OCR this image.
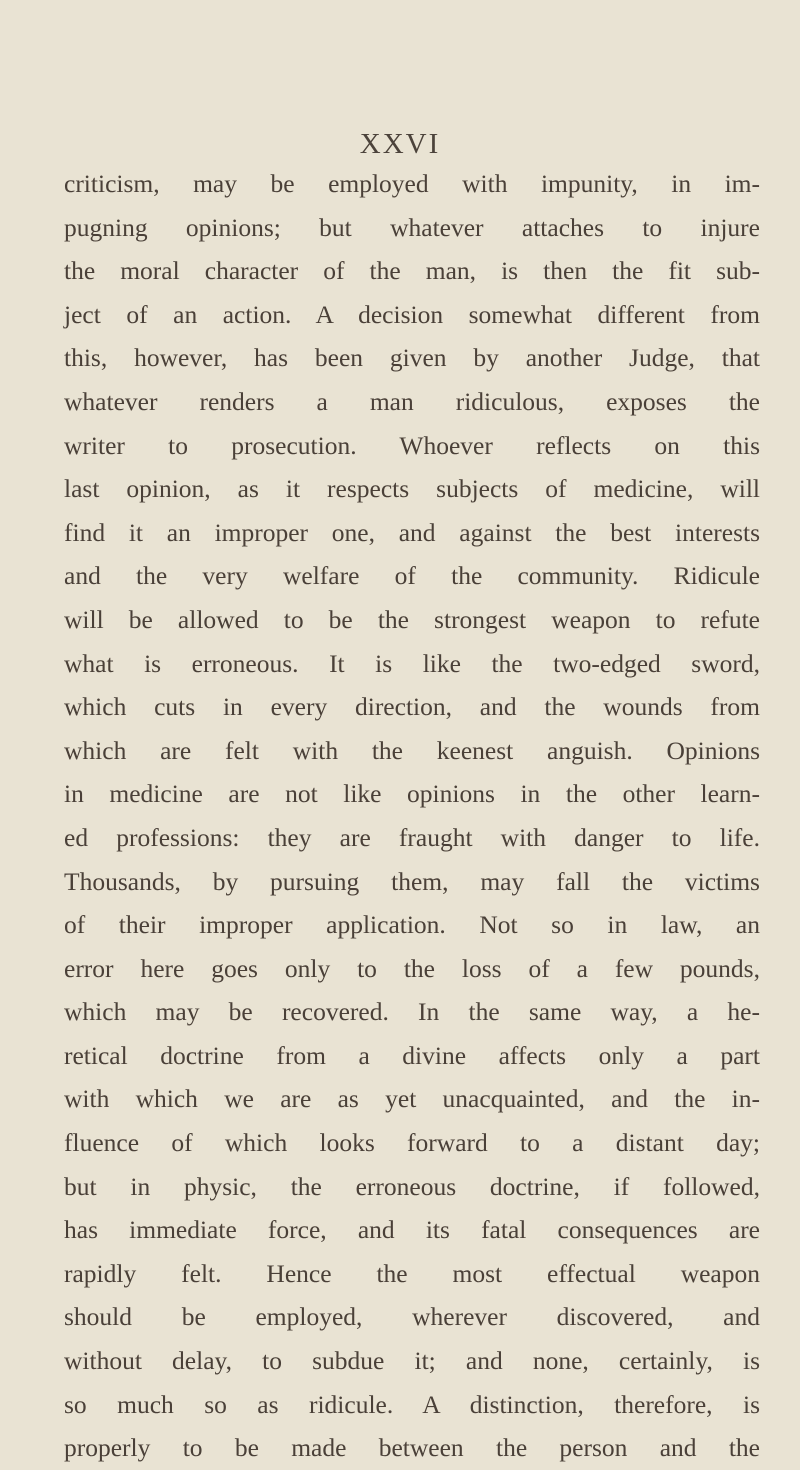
XXVI
criticism, may be employed with impunity, in im-
pugning opinions; but whatever attaches to injure
the moral character of the man, is then the fit sub-
ject of an action. A decision somewhat different from
this, however, has been given by another Judge, that
whatever renders a man ridiculous, exposes the
writer to prosecution. Whoever reflects on this
last opinion, as it respects subjects of medicine, will
find it an improper one, and against the best interests
and the very welfare of the community. Ridicule
will be allowed to be the strongest weapon to refute
what is erroneous. It is like the two-edged sword,
which cuts in every direction, and the wounds from
which are felt with the keenest anguish. Opinions
in medicine are not like opinions in the other learn-
ed professions: they are fraught with danger to life.
Thousands, by pursuing them, may fall the victims
of their improper application. Not so in law, an
error here goes only to the loss of a few pounds,
which may be recovered. In the same way, a he-
retical doctrine from a divine affects only a part
with which we are as yet unacquainted, and the in-
fluence of which looks forward to a distant day;
but in physic, the erroneous doctrine, if followed,
has immediate force, and its fatal consequences are
rapidly felt. Hence the most effectual weapon
should be employed, wherever discovered, and
without delay, to subdue it; and none, certainly, is
so much so as ridicule. A distinction, therefore, is
properly to be made between the person and the
